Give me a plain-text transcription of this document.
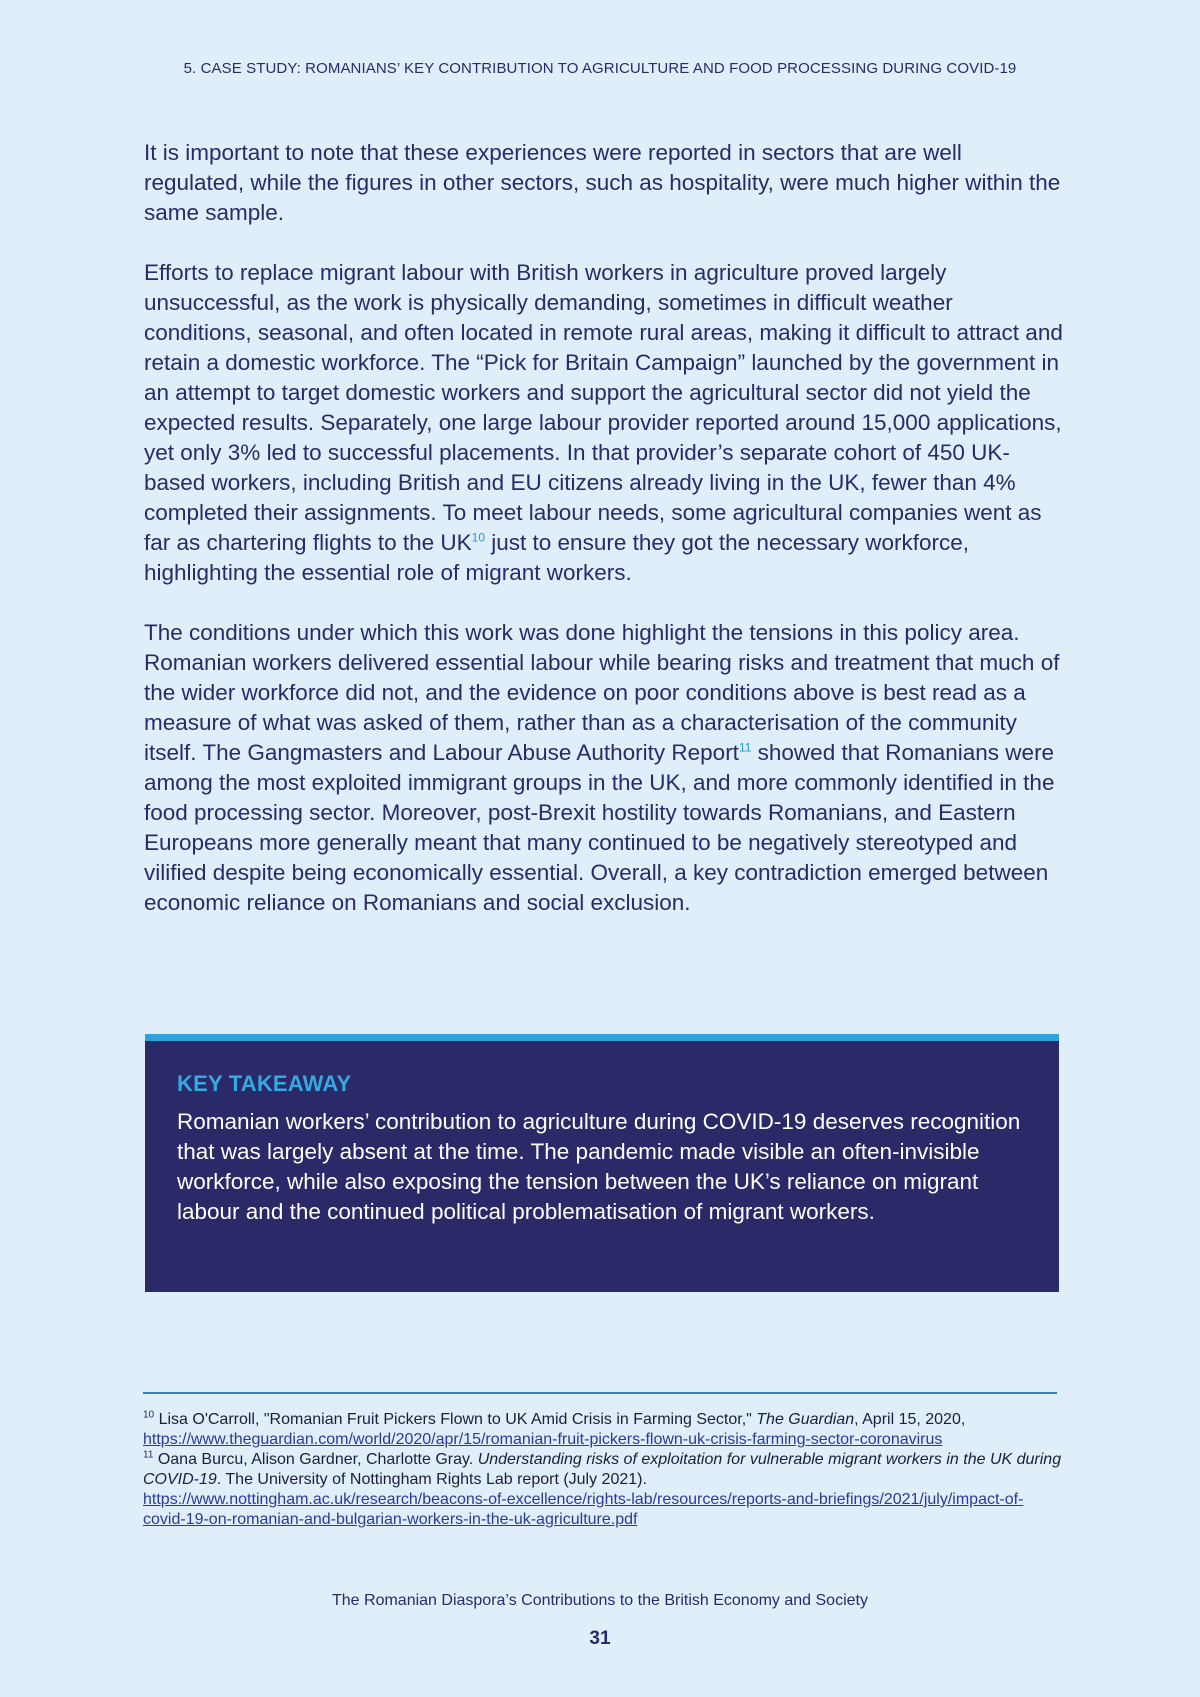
5. CASE STUDY: ROMANIANS’ KEY CONTRIBUTION TO AGRICULTURE AND FOOD PROCESSING DURING COVID-19

It is important to note that these experiences were reported in sectors that are well regulated, while the figures in other sectors, such as hospitality, were much higher within the same sample.

Efforts to replace migrant labour with British workers in agriculture proved largely unsuccessful, as the work is physically demanding, sometimes in difficult weather conditions, seasonal, and often located in remote rural areas, making it difficult to attract and retain a domestic workforce. The “Pick for Britain Campaign” launched by the government in an attempt to target domestic workers and support the agricultural sector did not yield the expected results. Separately, one large labour provider reported around 15,000 applications, yet only 3% led to successful placements. In that provider’s separate cohort of 450 UK-based workers, including British and EU citizens already living in the UK, fewer than 4% completed their assignments. To meet labour needs, some agricultural companies went as far as chartering flights to the UK$^{10}$ just to ensure they got the necessary workforce, highlighting the essential role of migrant workers.

The conditions under which this work was done highlight the tensions in this policy area. Romanian workers delivered essential labour while bearing risks and treatment that much of the wider workforce did not, and the evidence on poor conditions above is best read as a measure of what was asked of them, rather than as a characterisation of the community itself. The Gangmasters and Labour Abuse Authority Report$^{11}$ showed that Romanians were among the most exploited immigrant groups in the UK, and more commonly identified in the food processing sector. Moreover, post-Brexit hostility towards Romanians, and Eastern Europeans more generally meant that many continued to be negatively stereotyped and vilified despite being economically essential. Overall, a key contradiction emerged between economic reliance on Romanians and social exclusion.

KEY TAKEAWAY

Romanian workers’ contribution to agriculture during COVID-19 deserves recognition that was largely absent at the time. The pandemic made visible an often-invisible workforce, while also exposing the tension between the UK’s reliance on migrant labour and the continued political problematisation of migrant workers.

$^{10}$ Lisa O'Carroll, "Romanian Fruit Pickers Flown to UK Amid Crisis in Farming Sector," The Guardian, April 15, 2020,
https://www.theguardian.com/world/2020/apr/15/romanian-fruit-pickers-flown-uk-crisis-farming-sector-coronavirus
$^{11}$ Oana Burcu, Alison Gardner, Charlotte Gray. Understanding risks of exploitation for vulnerable migrant workers in the UK during COVID-19. The University of Nottingham Rights Lab report (July 2021).
https://www.nottingham.ac.uk/research/beacons-of-excellence/rights-lab/resources/reports-and-briefings/2021/july/impact-of-covid-19-on-romanian-and-bulgarian-workers-in-the-uk-agriculture.pdf
The Romanian Diaspora’s Contributions to the British Economy and Society
31
